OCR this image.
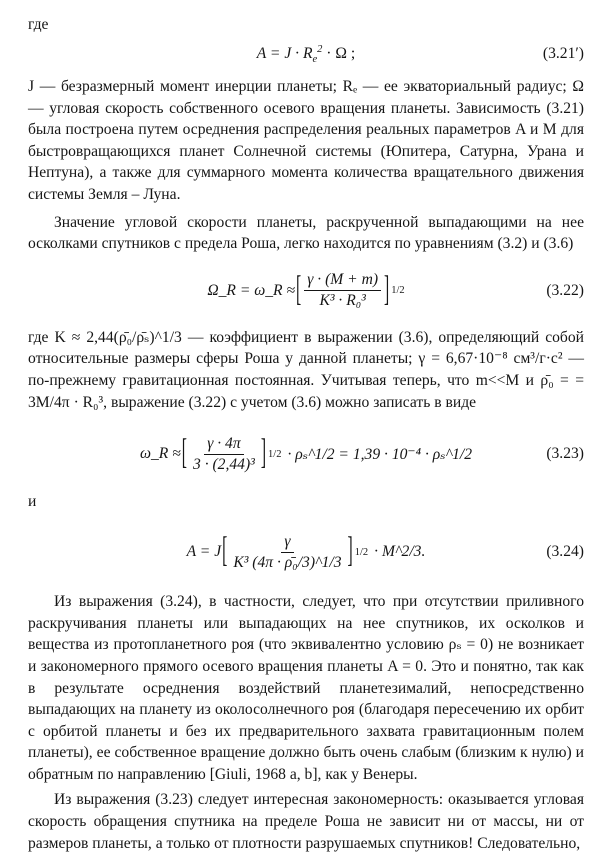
где

$A = J \cdot R_e^2 \cdot \Omega$ ;	(3.21′)

J — безразмерный момент инерции планеты; Rₑ — ее экваториальный радиус; Ω — угловая скорость собственного осевого вращения планеты. Зависимость (3.21) была построена путем осреднения распределения реальных параметров A и M для быстровращающихся планет Солнечной системы (Юпитера, Сатурна, Урана и Нептуна), а также для суммарного момента количества вращательного движения системы Земля – Луна.

Значение угловой скорости планеты, раскрученной выпадающими на нее осколками спутников с предела Роша, легко находится по уравнениям (3.2) и (3.6)

Ω_R = ω_R ≈ [ $\frac{\gamma \cdot (M + m)}{\text{K³ · R₀³}}$ ] 1/2	(3.22)

где K ≈ 2,44(ρ̄₀/ρ̄ₛ)^1/3 — коэффициент в выражении (3.6), определяющий собой относительные размеры сферы Роша у данной планеты; γ = 6,67·10⁻⁸ см³/г·с² — по-прежнему гравитационная постоянная. Учитывая теперь, что m<<M и ρ̄₀ = = 3M/4π · R₀³, выражение (3.22) с учетом (3.6) можно записать в виде

ω_R ≈ [ $\frac{\gamma \cdot 4\pi}{\text{3 · (2,44)³}}$ ] 1/2 · ρₛ^1/2 = 1,39 · 10⁻⁴ · ρₛ^1/2	(3.23)

и

A = J [ $\frac{\gamma}{\text{K³ (4π · ρ̄₀/3)\textasciicircum{}1/3}}$ ] 1/2 · M^2/3.	(3.24)

Из выражения (3.24), в частности, следует, что при отсутствии приливного раскручивания планеты или выпадающих на нее спутников, их осколков и вещества из протопланетного роя (что эквивалентно условию ρₛ = 0) не возникает и закономерного прямого осевого вращения планеты A = 0. Это и понятно, так как в результате осреднения воздействий планетезималий, непосредственно выпадающих на планету из околосолнечного роя (благодаря пересечению их орбит с орбитой планеты и без их предварительного захвата гравитационным полем планеты), ее собственное вращение должно быть очень слабым (близким к нулю) и обратным по направлению [Giuli, 1968 a, b], как у Венеры.

Из выражения (3.23) следует интересная закономерность: оказывается угловая скорость обращения спутника на пределе Роша не зависит ни от массы, ни от размеров планеты, а только от плотности разрушаемых спутников! Следовательно,
